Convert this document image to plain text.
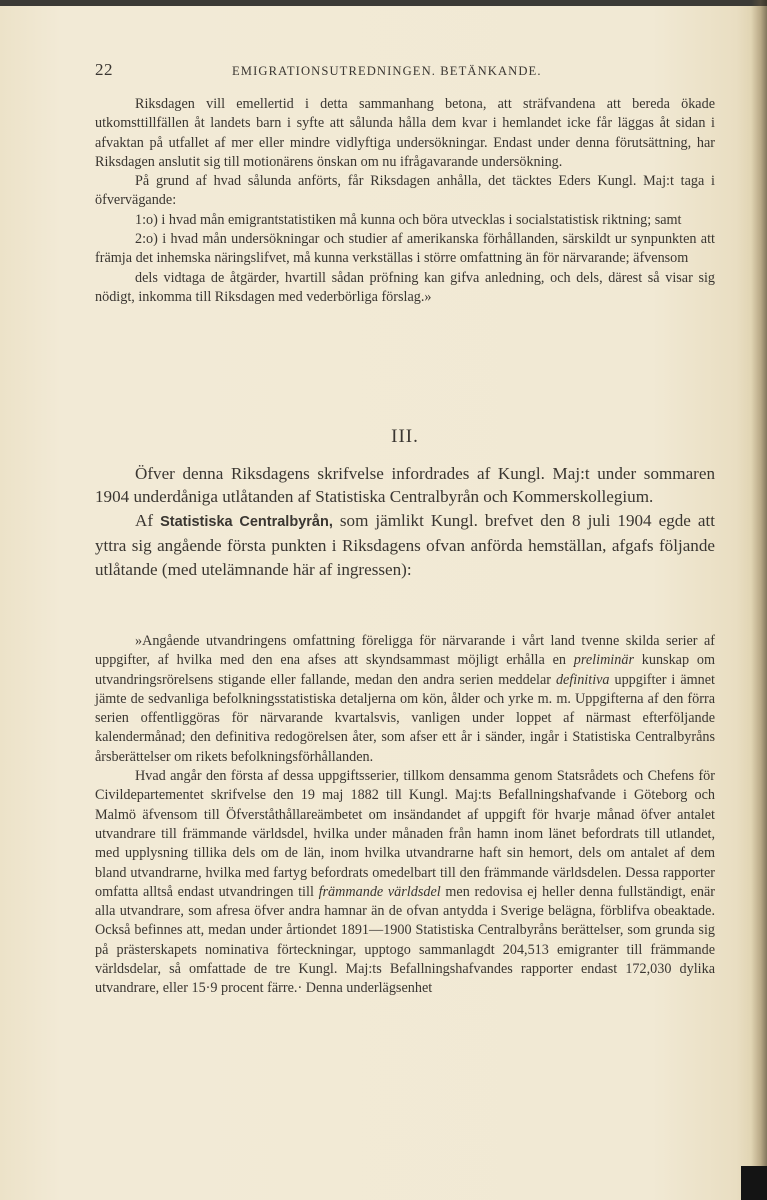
22	EMIGRATIONSUTREDNINGEN. BETÄNKANDE.

Riksdagen vill emellertid i detta sammanhang betona, att sträfvandena att bereda ökade utkomsttillfällen åt landets barn i syfte att sålunda hålla dem kvar i hemlandet icke får läggas åt sidan i afvaktan på utfallet af mer eller mindre vidlyftiga undersökningar. Endast under denna förutsättning, har Riksdagen anslutit sig till motionärens önskan om nu ifrågavarande undersökning.

På grund af hvad sålunda anförts, får Riksdagen anhålla, det täcktes Eders Kungl. Maj:t taga i öfvervägande:

1:o) i hvad mån emigrantstatistiken må kunna och böra utvecklas i socialstatistisk riktning; samt

2:o) i hvad mån undersökningar och studier af amerikanska förhållanden, särskildt ur synpunkten att främja det inhemska näringslifvet, må kunna verkställas i större omfattning än för närvarande; äfvensom

dels vidtaga de åtgärder, hvartill sådan pröfning kan gifva anledning, och dels, därest så visar sig nödigt, inkomma till Riksdagen med vederbörliga förslag.»

III.

Öfver denna Riksdagens skrifvelse infordrades af Kungl. Maj:t under sommaren 1904 underdåniga utlåtanden af Statistiska Centralbyrån och Kommerskollegium.

Af Statistiska Centralbyrån, som jämlikt Kungl. brefvet den 8 juli 1904 egde att yttra sig angående första punkten i Riksdagens ofvan anförda hemställan, afgafs följande utlåtande (med utelämnande här af ingressen):

»Angående utvandringens omfattning föreligga för närvarande i vårt land tvenne skilda serier af uppgifter, af hvilka med den ena afses att skyndsammast möjligt erhålla en preliminär kunskap om utvandringsrörelsens stigande eller fallande, medan den andra serien meddelar definitiva uppgifter i ämnet jämte de sedvanliga befolkningsstatistiska detaljerna om kön, ålder och yrke m. m. Uppgifterna af den förra serien offentliggöras för närvarande kvartalsvis, vanligen under loppet af närmast efterföljande kalendermånad; den definitiva redogörelsen åter, som afser ett år i sänder, ingår i Statistiska Centralbyråns årsberättelser om rikets befolkningsförhållanden.

Hvad angår den första af dessa uppgiftsserier, tillkom densamma genom Statsrådets och Chefens för Civildepartementet skrifvelse den 19 maj 1882 till Kungl. Maj:ts Befallningshafvande i Göteborg och Malmö äfvensom till Öfverståthållareämbetet om insändandet af uppgift för hvarje månad öfver antalet utvandrare till främmande världsdel, hvilka under månaden från hamn inom länet befordrats till utlandet, med upplysning tillika dels om de län, inom hvilka utvandrarne haft sin hemort, dels om antalet af dem bland utvandrarne, hvilka med fartyg befordrats omedelbart till den främmande världsdelen. Dessa rapporter omfatta alltså endast utvandringen till främmande världsdel men redovisa ej heller denna fullständigt, enär alla utvandrare, som afresa öfver andra hamnar än de ofvan antydda i Sverige belägna, förblifva obeaktade. Också befinnes att, medan under årtiondet 1891—1900 Statistiska Centralbyråns berättelser, som grunda sig på prästerskapets nominativa förteckningar, upptogo sammanlagdt 204,513 emigranter till främmande världsdelar, så omfattade de tre Kungl. Maj:ts Befallningshafvandes rapporter endast 172,030 dylika utvandrare, eller 15·9 procent färre.· Denna underlägsenhet
